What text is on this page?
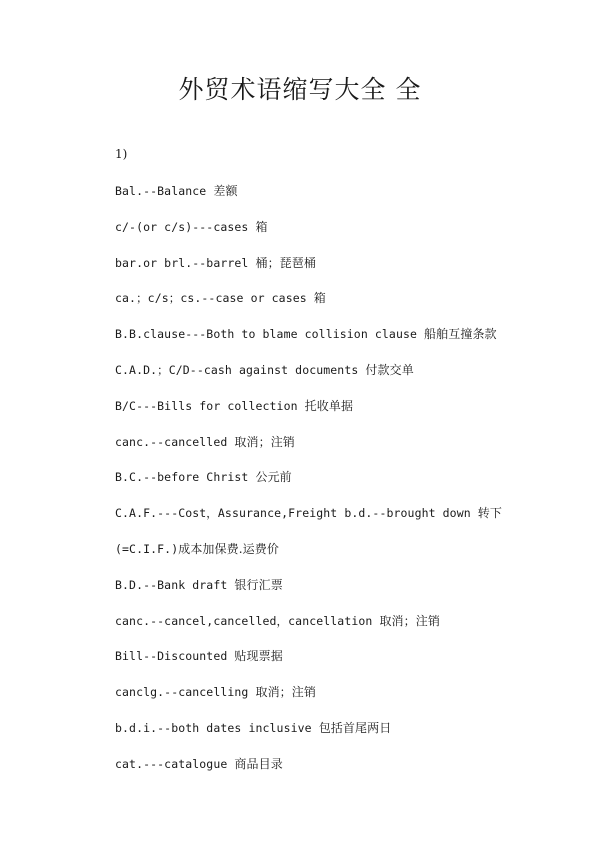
外贸术语缩写大全 全
1)
Bal.--Balance 差额
c/-(or c/s)---cases 箱
bar.or brl.--barrel 桶；琵琶桶
ca.；c/s；cs.--case or cases 箱
B.B.clause---Both to blame collision clause 船舶互撞条款
C.A.D.；C/D--cash against documents 付款交单
B/C---Bills for collection 托收单据
canc.--cancelled 取消；注销
B.C.--before Christ 公元前
C.A.F.---Cost，Assurance,Freight b.d.--brought down 转下
(=C.I.F.)成本加保费.运费价
B.D.--Bank draft 银行汇票
canc.--cancel,cancelled，cancellation 取消；注销
Bill--Discounted 贴现票据
canclg.--cancelling 取消；注销
b.d.i.--both dates inclusive 包括首尾两日
cat.---catalogue 商品目录
